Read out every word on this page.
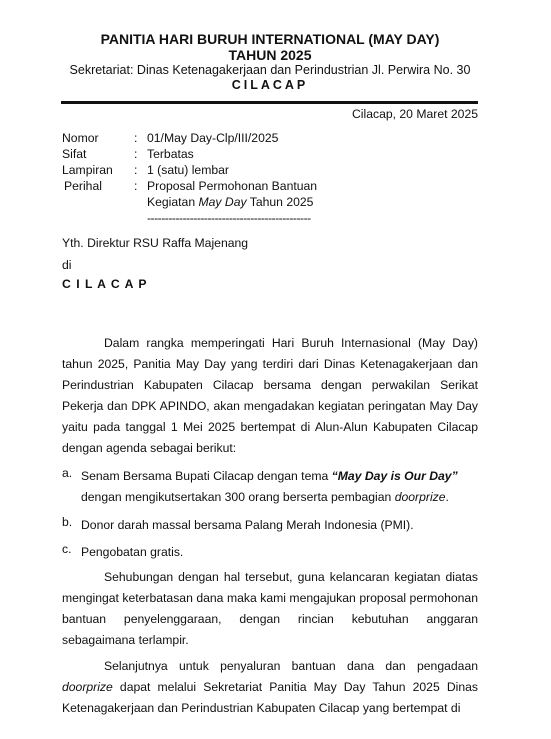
PANITIA HARI BURUH INTERNATIONAL (MAY DAY)
TAHUN 2025
Sekretariat: Dinas Ketenagakerjaan dan Perindustrian Jl. Perwira No. 30
CILACAP
Cilacap, 20 Maret 2025
Nomor	: 01/May Day-Clp/III/2025
Sifat	: Terbatas
Lampiran : 1 (satu) lembar
Perihal	: Proposal Permohonan Bantuan
Kegiatan May Day Tahun 2025
----------------------------------------------
Yth. Direktur RSU Raffa Majenang
di
C I L A C A P

Dalam rangka memperingati Hari Buruh Internasional (May Day) tahun 2025, Panitia May Day yang terdiri dari Dinas Ketenagakerjaan dan Perindustrian Kabupaten Cilacap bersama dengan perwakilan Serikat Pekerja dan DPK APINDO, akan mengadakan kegiatan peringatan May Day yaitu pada tanggal 1 Mei 2025 bertempat di Alun-Alun Kabupaten Cilacap dengan agenda sebagai berikut:

a. Senam Bersama Bupati Cilacap dengan tema “May Day is Our Day” dengan mengikutsertakan 300 orang berserta pembagian doorprize.
b. Donor darah massal bersama Palang Merah Indonesia (PMI).
c. Pengobatan gratis.

Sehubungan dengan hal tersebut, guna kelancaran kegiatan diatas mengingat keterbatasan dana maka kami mengajukan proposal permohonan bantuan penyelenggaraan, dengan rincian kebutuhan anggaran sebagaimana terlampir.

Selanjutnya untuk penyaluran bantuan dana dan pengadaan doorprize dapat melalui Sekretariat Panitia May Day Tahun 2025 Dinas Ketenagakerjaan dan Perindustrian Kabupaten Cilacap yang bertempat di
